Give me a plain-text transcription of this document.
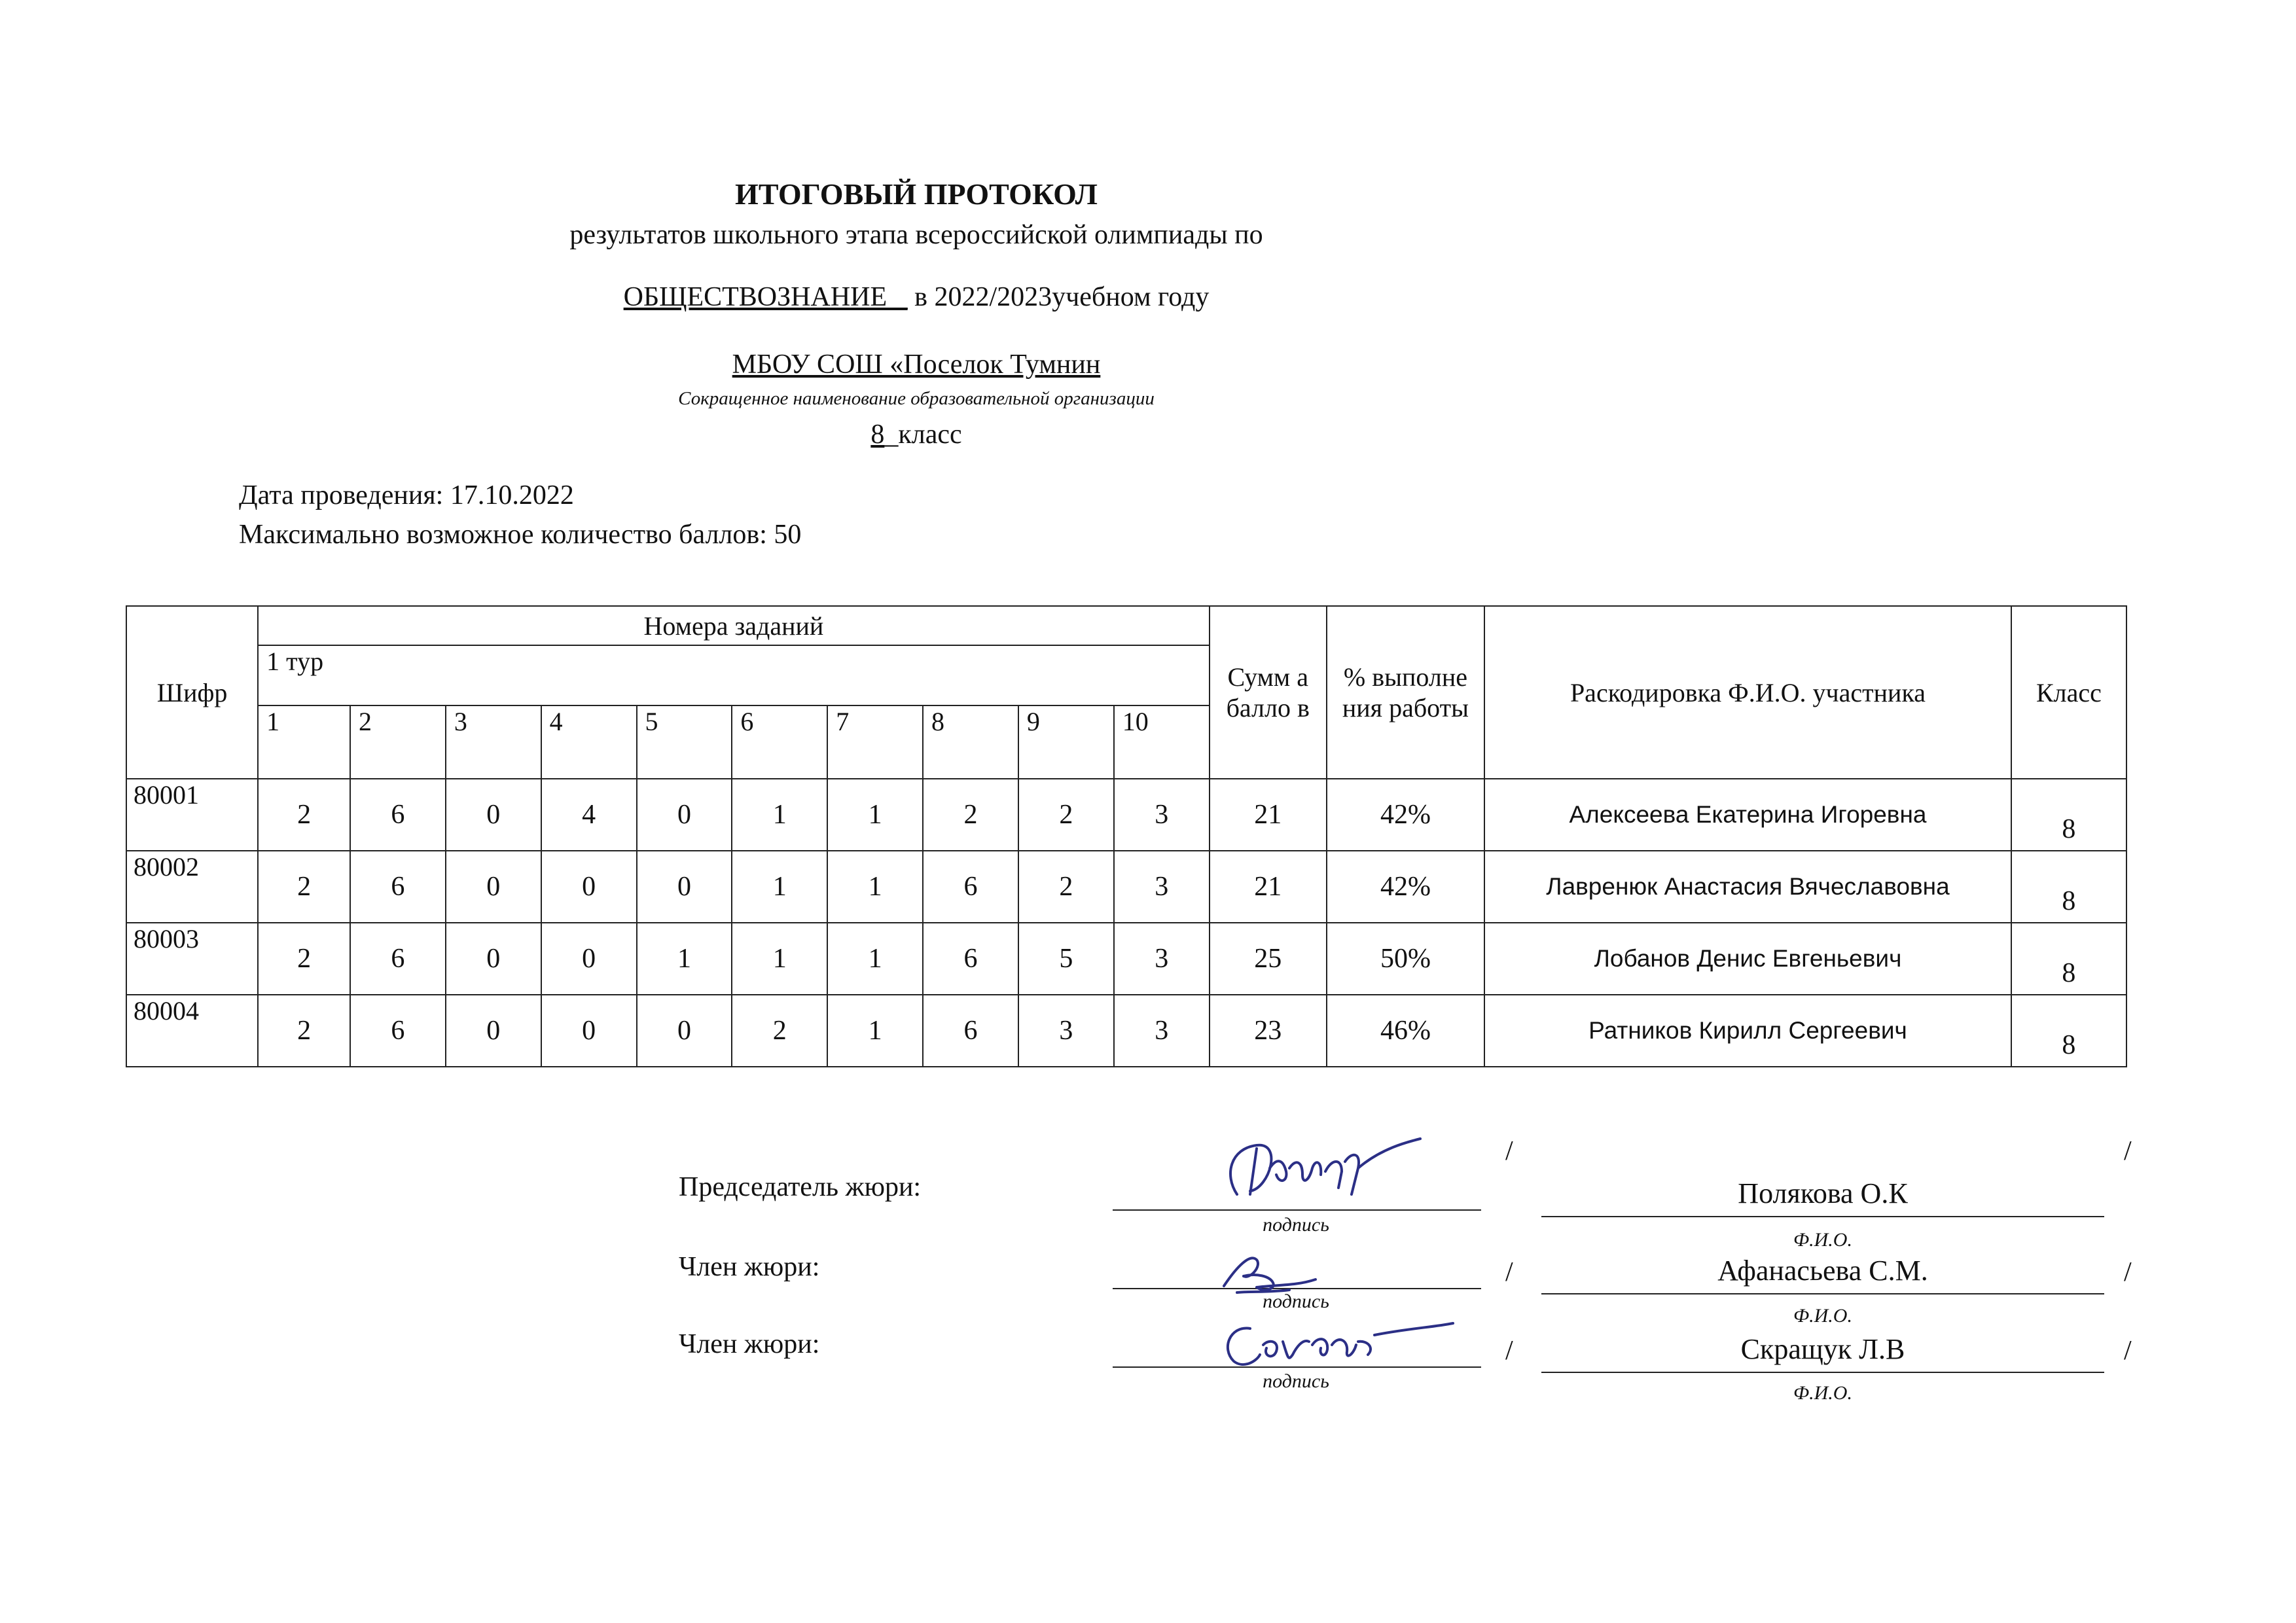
ИТОГОВЫЙ ПРОТОКОЛ
результатов школьного этапа всероссийской олимпиады по
ОБЩЕСТВОЗНАНИЕ _ в 2022/2023учебном году
МБОУ СОШ «Поселок Тумнин
Сокращенное наименование образовательной организации
8_класс
Дата проведения: 17.10.2022
Максимально возможное количество баллов: 50
Шифр	Номера заданий										Сумм а балло в	% выполне ния работы	Раскодировка Ф.И.О. участника	Класс
	1 тур													
	1	2	3	4	5	6	7	8	9	10				
80001	2	6	0	4	0	1	1	2	2	3	21	42%	Алексеева Екатерина Игоревна	8
80002	2	6	0	0	0	1	1	6	2	3	21	42%	Лавренюк Анастасия Вячеславовна	8
80003	2	6	0	0	1	1	1	6	5	3	25	50%	Лобанов Денис Евгеньевич	8
80004	2	6	0	0	0	2	1	6	3	3	23	46%	Ратников Кирилл Сергеевич	8
Председатель жюри:
подпись
/
Полякова О.К
/
Ф.И.О.
Член жюри:
подпись
/	Афанасьева С.М.	/
Ф.И.О.
Член жюри:
подпись
/	Скращук Л.В	/
Ф.И.О.
